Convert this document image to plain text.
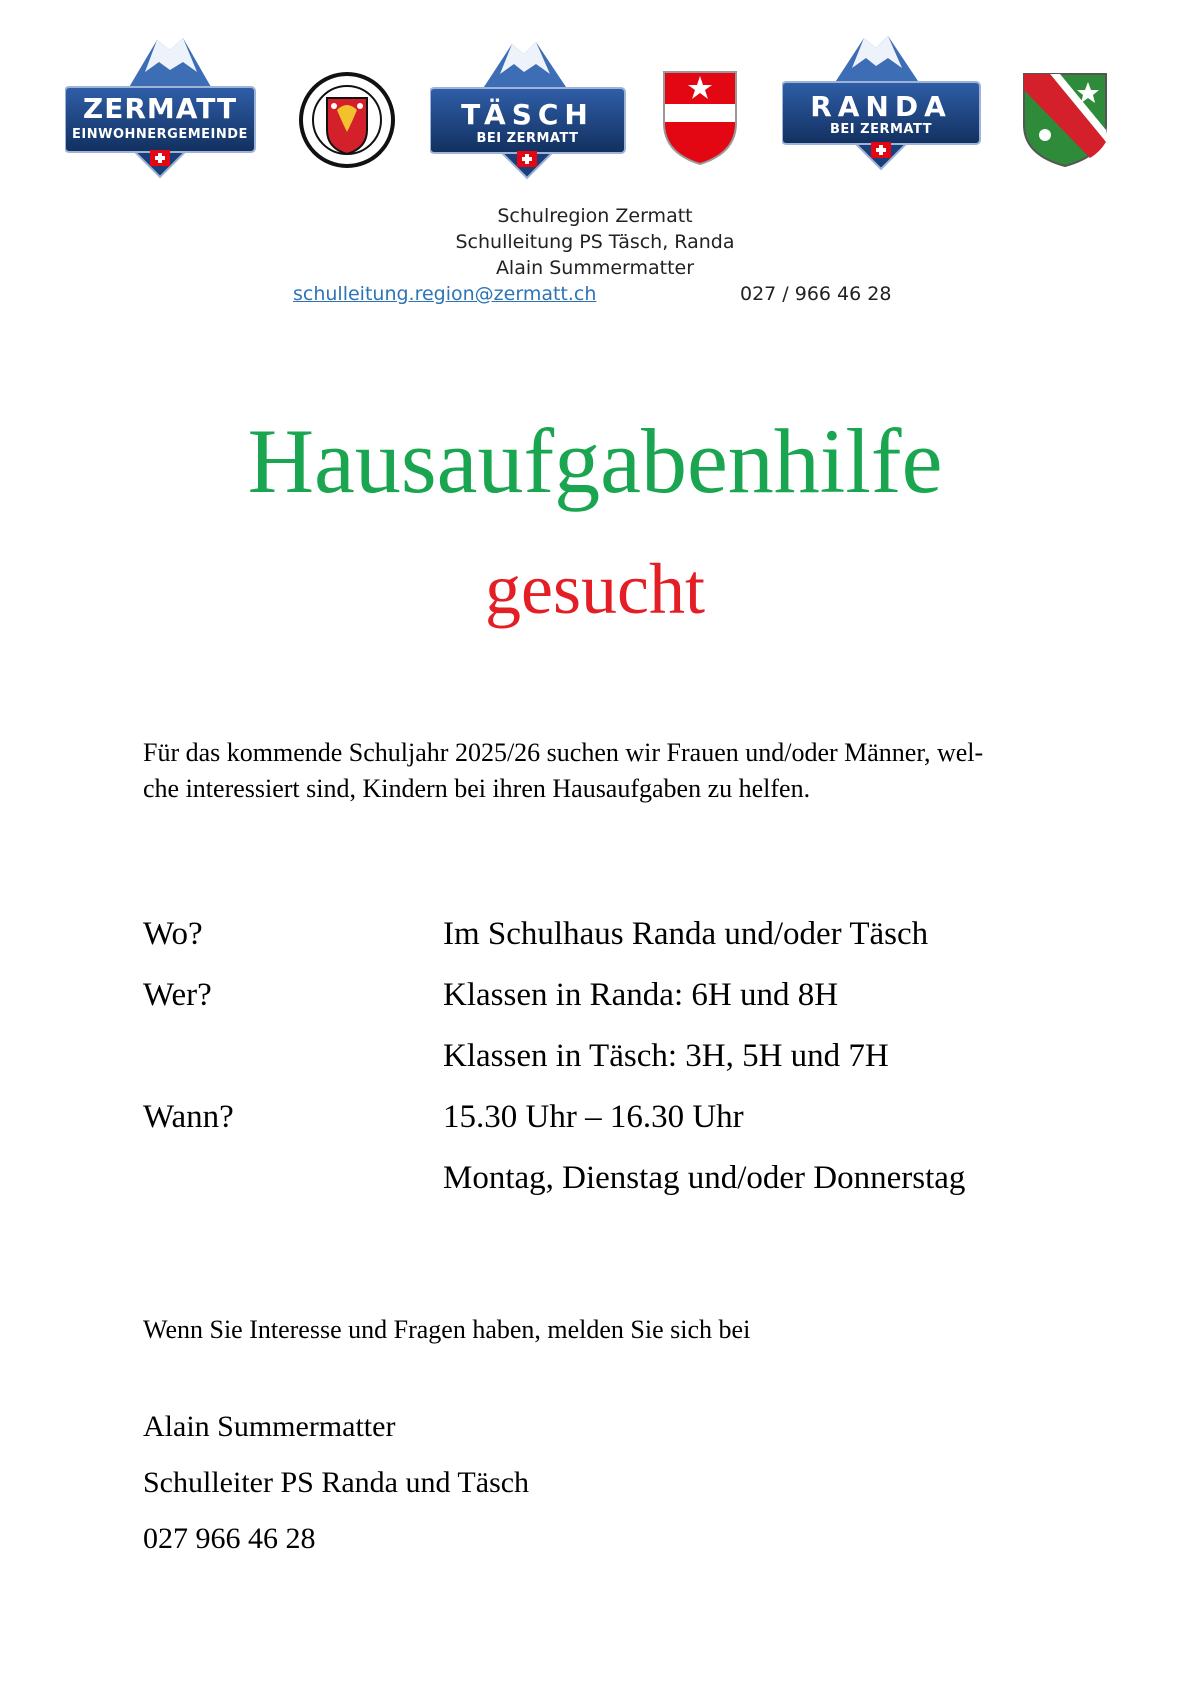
ZERMATT
EINWOHNERGEMEINDE
TÄSCH
BEI ZERMATT
RANDA
BEI ZERMATT
Schulregion Zermatt
Schulleitung PS Täsch, Randa
Alain Summermatter
schulleitung.region@zermatt.ch	027 / 966 46 28
Hausaufgabenhilfe
gesucht
Für das kommende Schuljahr 2025/26 suchen wir Frauen und/oder Männer, wel-
che interessiert sind, Kindern bei ihren Hausaufgaben zu helfen.
Wo?	Im Schulhaus Randa und/oder Täsch
Wer?	Klassen in Randa: 6H und 8H
Klassen in Täsch: 3H, 5H und 7H
Wann?	15.30 Uhr – 16.30 Uhr
Montag, Dienstag und/oder Donnerstag
Wenn Sie Interesse und Fragen haben, melden Sie sich bei
Alain Summermatter
Schulleiter PS Randa und Täsch
027 966 46 28
